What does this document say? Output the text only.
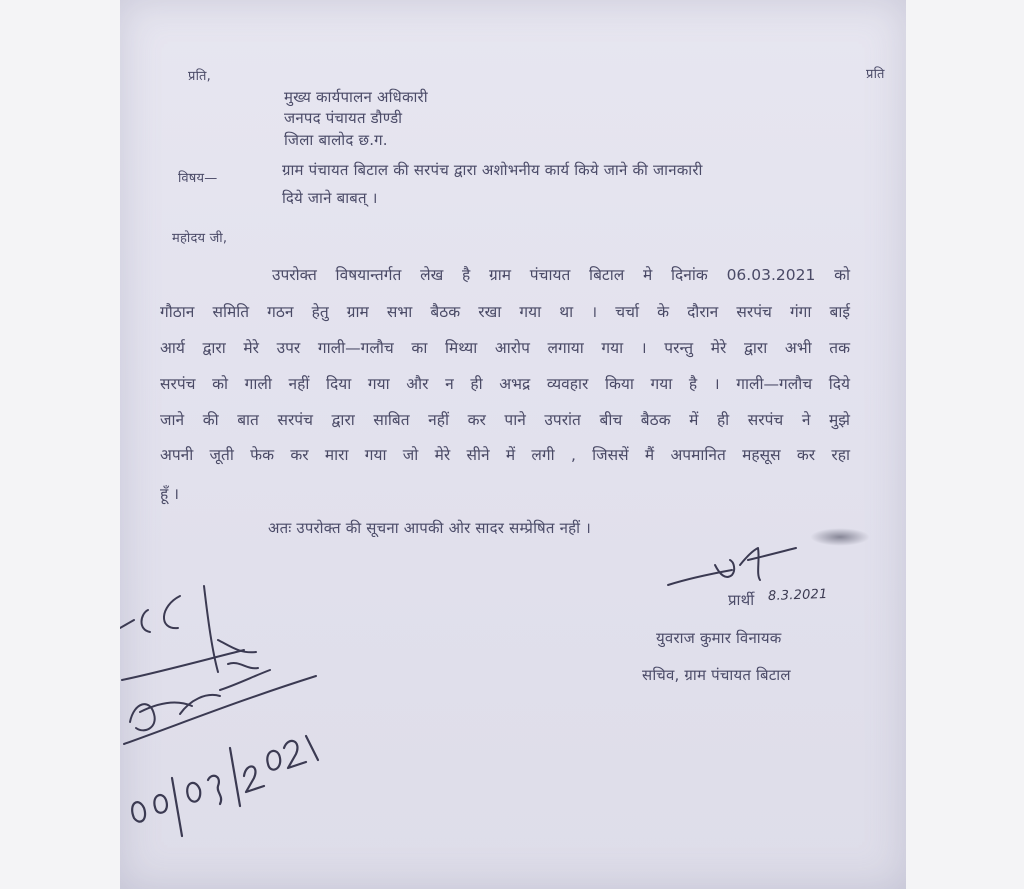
प्रति,	प्रति
मुख्य कार्यपालन अधिकारी
जनपद पंचायत डौण्डी
जिला बालोद छ.ग.
विषय—	ग्राम पंचायत बिटाल की सरपंच द्वारा अशोभनीय कार्य किये जाने की जानकारी
दिये जाने बाबत् ।
महोदय जी,
उपरोक्त विषयान्तर्गत लेख है ग्राम पंचायत बिटाल मे दिनांक 06.03.2021 को
गौठान समिति गठन हेतु ग्राम सभा बैठक रखा गया था । चर्चा के दौरान सरपंच गंगा बाई
आर्य द्वारा मेरे उपर गाली—गलौच का मिथ्या आरोप लगाया गया । परन्तु मेरे द्वारा अभी तक
सरपंच को गाली नहीं दिया गया और न ही अभद्र व्यवहार किया गया है । गाली—गलौच दिये
जाने की बात सरपंच द्वारा साबित नहीं कर पाने उपरांत बीच बैठक में ही सरपंच ने मुझे
अपनी जूती फेक कर मारा गया जो मेरे सीने में लगी , जिससें मैं अपमानित महसूस कर रहा
हूँ ।
अतः उपरोक्त की सूचना आपकी ओर सादर सम्प्रेषित नहीं ।
प्रार्थी 8.3.2021
युवराज कुमार विनायक
सचिव, ग्राम पंचायत बिटाल
